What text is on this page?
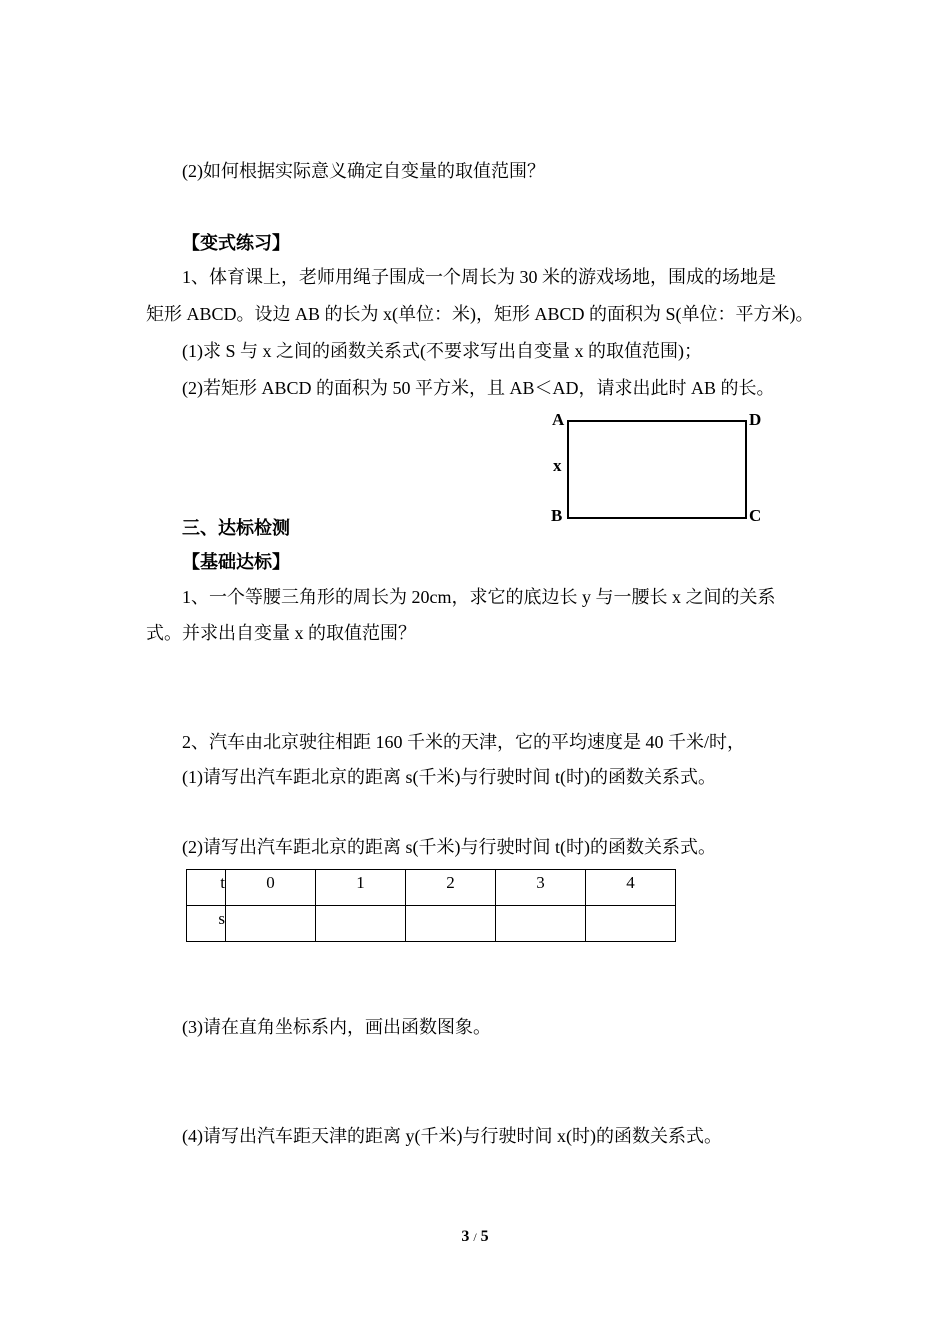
(2)如何根据实际意义确定自变量的取值范围？
【变式练习】
1、体育课上，老师用绳子围成一个周长为 30 米的游戏场地，围成的场地是
矩形 ABCD。设边 AB 的长为 x(单位：米)，矩形 ABCD 的面积为 S(单位：平方米)。
(1)求 S 与 x 之间的函数关系式(不要求写出自变量 x 的取值范围)；
(2)若矩形 ABCD 的面积为 50 平方米，且 AB＜AD，请求出此时 AB 的长。
A	D
x
B	C
三、达标检测
【基础达标】
1、一个等腰三角形的周长为 20cm，求它的底边长 y 与一腰长 x 之间的关系
式。并求出自变量 x 的取值范围？
2、汽车由北京驶往相距 160 千米的天津，它的平均速度是 40 千米/时，
(1)请写出汽车距北京的距离 s(千米)与行驶时间 t(时)的函数关系式。
(2)请写出汽车距北京的距离 s(千米)与行驶时间 t(时)的函数关系式。
t	0	1	2	3	4
s					
(3)请在直角坐标系内，画出函数图象。
(4)请写出汽车距天津的距离 y(千米)与行驶时间 x(时)的函数关系式。
3 / 5
